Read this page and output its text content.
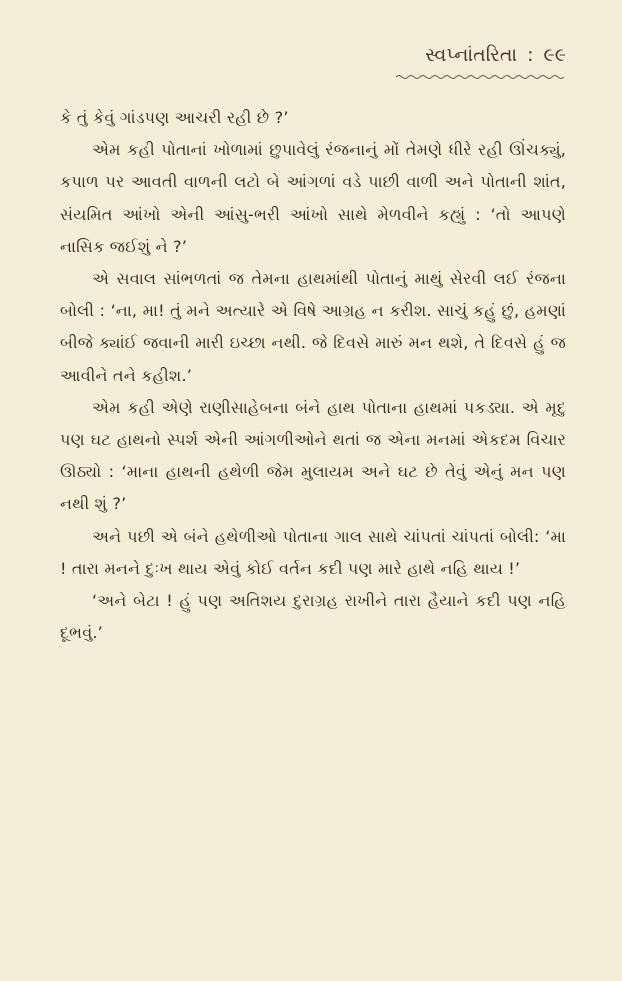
સ્વપ્નાંતરિતા : ૯૯

કે તું કેવું ગાંડપણ આચરી રહી છે ?’

એમ કહી પોતાનાં ખોળામાં છુપાવેલું રંજનાનું મોં તેમણે ધીરે રહી ઊંચક્યું, કપાળ પર આવતી વાળની લટો બે આંગળાં વડે પાછી વાળી અને પોતાની શાંત, સંયમિત આંખો એની આંસુ-ભરી આંખો સાથે મેળવીને કહ્યું : ‘તો આપણે નાસિક જઈશું ને ?’

એ સવાલ સાંભળતાં જ તેમના હાથમાંથી પોતાનું માથું સેરવી લઈ રંજના બોલી : ‘ના, મા! તું મને અત્યારે એ વિષે આગ્રહ ન કરીશ. સાચું કહું છું, હમણાં બીજે ક્યાંઈ જવાની મારી ઇચ્છા નથી. જે દિવસે મારું મન થશે, તે દિવસે હું જ આવીને તને કહીશ.’

એમ કહી એણે રાણીસાહેબના બંને હાથ પોતાના હાથમાં પકડ્યા. એ મૃદુ પણ ઘટ હાથનો સ્પર્શ એની આંગળીઓને થતાં જ એના મનમાં એકદમ વિચાર ઊઠ્યો : ‘માના હાથની હથેળી જેમ મુલાયમ અને ઘટ છે તેવું એનું મન પણ નથી શું ?’

અને પછી એ બંને હથેળીઓ પોતાના ગાલ સાથે ચાંપતાં ચાંપતાં બોલી: ‘મા ! તારા મનને દુઃખ થાય એવું કોઈ વર્તન કદી પણ મારે હાથે નહિ થાય !’

‘અને બેટા ! હું પણ અતિશય દુરાગ્રહ રાખીને તારા હૈયાને કદી પણ નહિ દૂભવું.’
